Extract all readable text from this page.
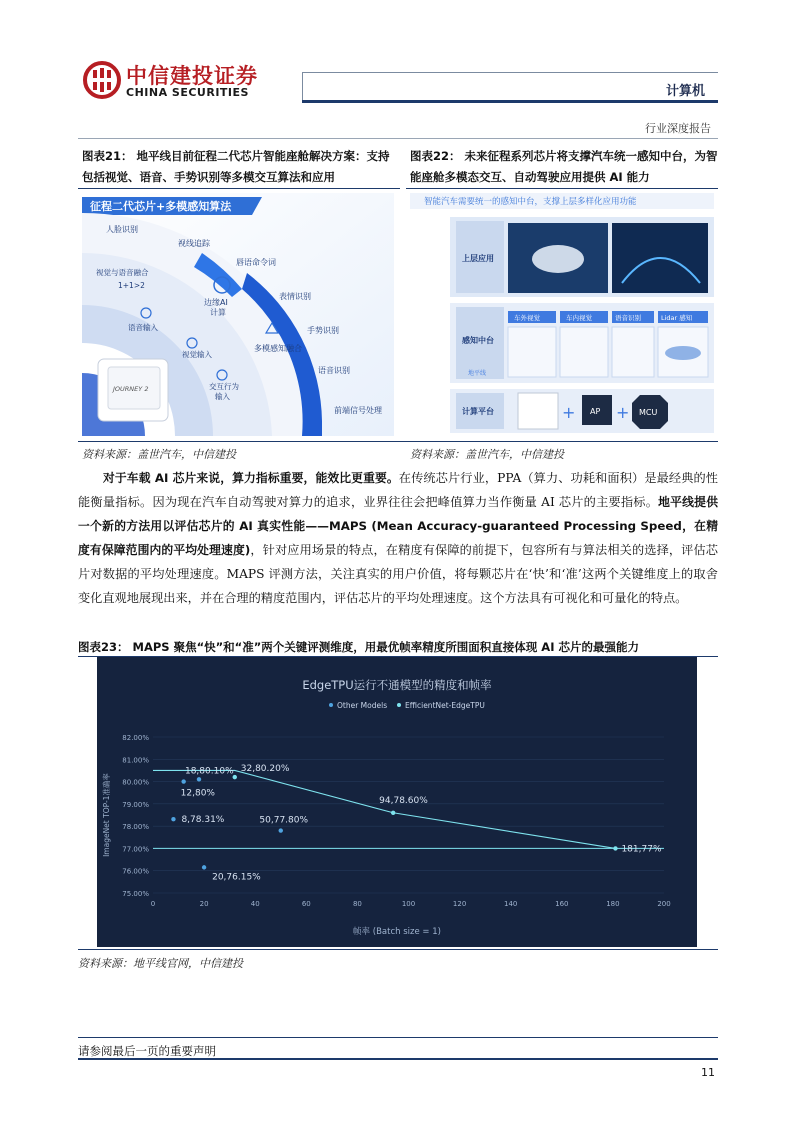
中信建投证券
CHINA SECURITIES	计算机
行业深度报告
图表21： 地平线目前征程二代芯片智能座舱解决方案：支持包括视觉、语音、手势识别等多模交互算法和应用
图表22： 未来征程系列芯片将支撑汽车统一感知中台，为智能座舱多模态交互、自动驾驶应用提供 AI 能力
征程二代芯片+多模感知算法
人脸识别
视线追踪
唇语命令词
表情识别
手势识别
语音识别
前端信号处理
视觉与语音融合
1+1>2
边缘AI
计算
语音输入
视觉输入
多模感知融合
交互行为
输入
JOURNEY 2
智能汽车需要统一的感知中台，支撑上层多样化应用功能
上层应用
感知中台
车外视觉	车内视觉	语音识别	Lidar 感知
地平线
计算平台	+ AP + MCU
资料来源：盖世汽车，中信建投	资料来源：盖世汽车，中信建投
对于车载 AI 芯片来说，算力指标重要，能效比更重要。在传统芯片行业，PPA（算力、功耗和面积）是最经典的性能衡量指标。因为现在汽车自动驾驶对算力的追求，业界往往会把峰值算力当作衡量 AI 芯片的主要指标。地平线提供一个新的方法用以评估芯片的 AI 真实性能——MAPS (Mean Accuracy-guaranteed Processing Speed，在精度有保障范围内的平均处理速度)，针对应用场景的特点，在精度有保障的前提下，包容所有与算法相关的选择，评估芯片对数据的平均处理速度。MAPS 评测方法，关注真实的用户价值，将每颗芯片在‘快’和‘准’这两个关键维度上的取舍变化直观地展现出来，并在合理的精度范围内，评估芯片的平均处理速度。这个方法具有可视化和可量化的特点。
图表23： MAPS 聚焦“快”和“准”两个关键评测维度，用最优帧率精度所围面积直接体现 AI 芯片的最强能力
EdgeTPU运行不通模型的精度和帧率
Other Models EfficientNet-EdgeTPU
75.00%
76.00%
77.00%
78.00%
79.00%
80.00%
81.00%
82.00%
0	20	40	60	80	100	120	140	160	180	200
帧率 (Batch size = 1)
ImageNet TOP-1准确率	12,80%
18,80.10%
8,78.31%	50,77.80%
20,76.15%
32,80.20%
94,78.60%
181,77%
资料来源：地平线官网，中信建投
请参阅最后一页的重要声明
11
